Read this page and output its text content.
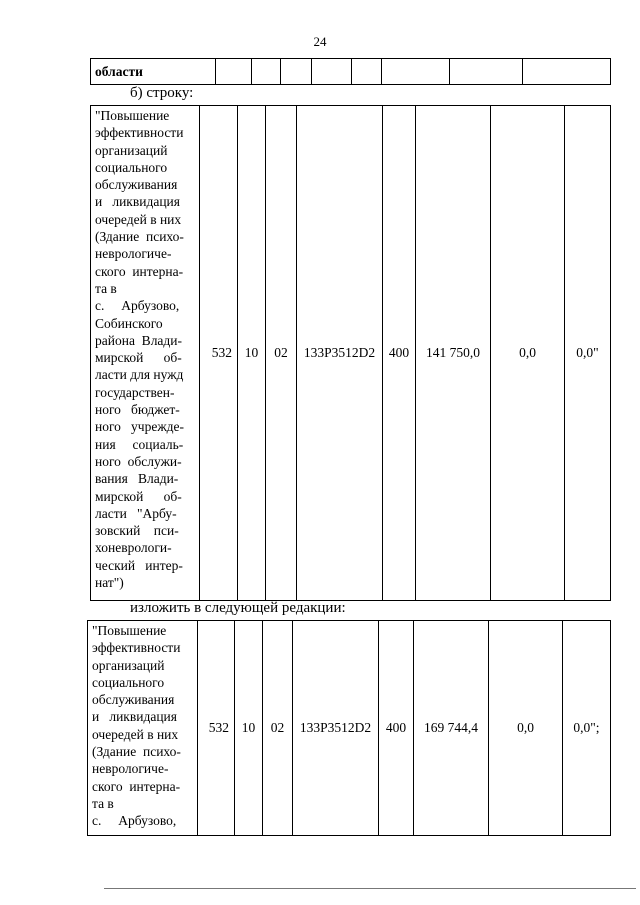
24
области								
б) строку:
"Повышение
эффективности
организаций
социального
обслуживания
и   ликвидация
очередей в них
(Здание  психо-
неврологиче-
ского  интерна-
та в
с.     Арбузово,
Собинского
района  Влади-
мирской      об-
ласти для нужд
государствен-
ного   бюджет-
ного   учрежде-
ния     социаль-
ного  обслужи-
вания   Влади-
мирской      об-
ласти   "Арбу-
зовский    пси-
хоневрологи-
ческий   интер-
нат")
	532	10	02	133Р3512D2	400	141 750,0	0,0	0,0"
изложить в следующей редакции:
"Повышение
эффективности
организаций
социального
обслуживания
и   ликвидация
очередей в них
(Здание  психо-
неврологиче-
ского  интерна-
та в
с.     Арбузово,
	532	10	02	133Р3512D2	400	169 744,4	0,0	0,0";
